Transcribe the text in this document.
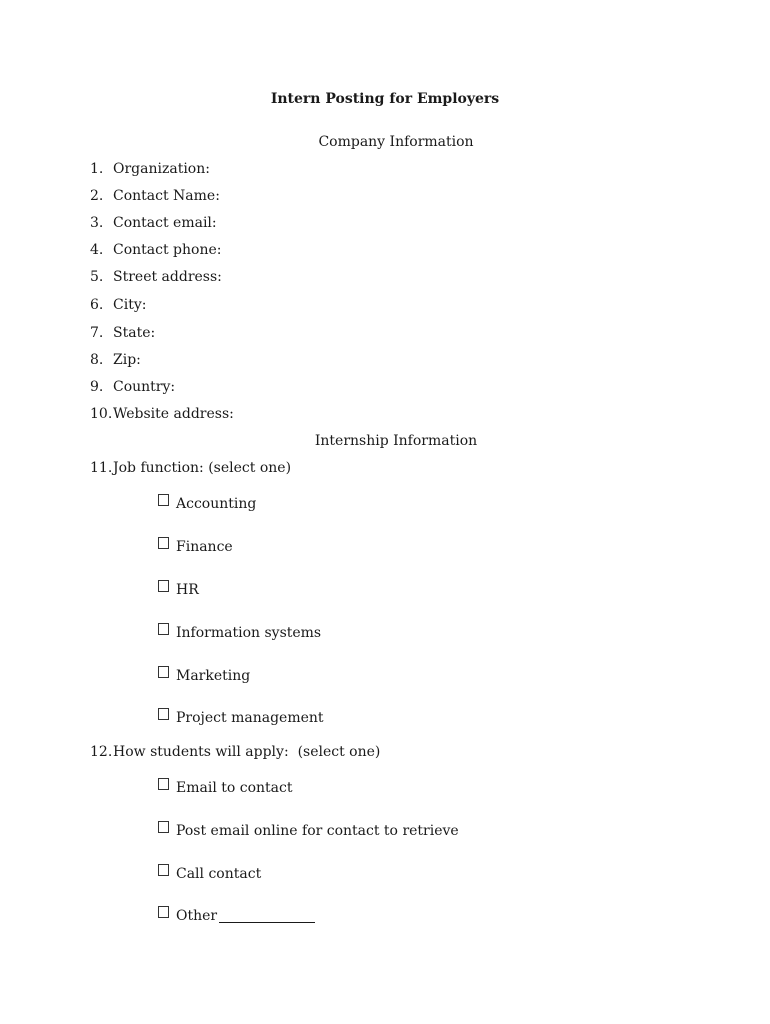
Intern Posting for Employers
Company Information
1. Organization:
2. Contact Name:
3. Contact email:
4. Contact phone:
5. Street address:
6. City:
7. State:
8. Zip:
9. Country:
10.Website address:
Internship Information
11.Job function: (select one)
Accounting
Finance
HR
Information systems
Marketing
Project management
12.How students will apply:  (select one)
Email to contact
Post email online for contact to retrieve
Call contact
Other
